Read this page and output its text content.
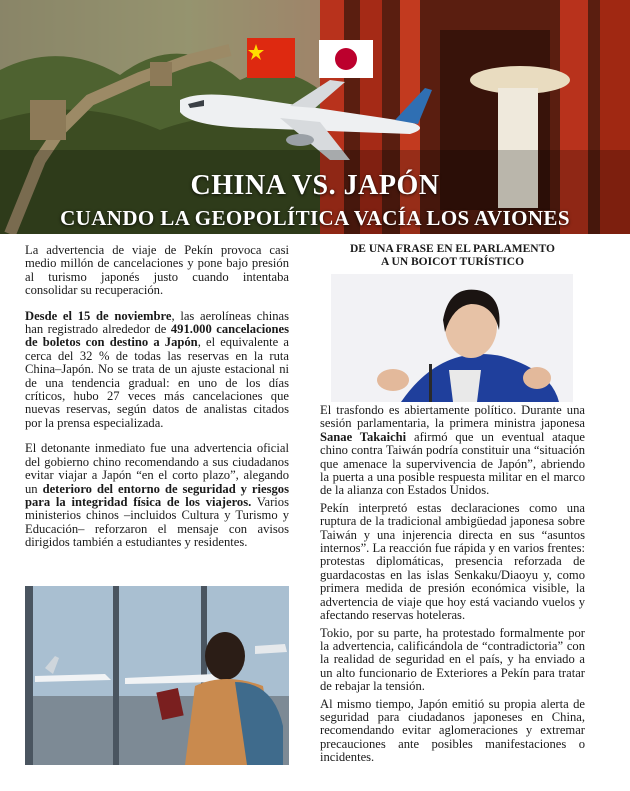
CHINA VS. JAPÓN
CUANDO LA GEOPOLÍTICA VACÍA LOS AVIONES

La advertencia de viaje de Pekín provoca casi medio millón de cancelaciones y pone bajo presión al turismo japonés justo cuando intentaba consolidar su recuperación.

Desde el 15 de noviembre, las aerolíneas chinas han registrado alrededor de 491.000 cancelaciones de boletos con destino a Japón, el equivalente a cerca del 32 % de todas las reservas en la ruta China–Japón. No se trata de un ajuste estacional ni de una tendencia gradual: en uno de los días críticos, hubo 27 veces más cancelaciones que nuevas reservas, según datos de analistas citados por la prensa especializada.

El detonante inmediato fue una advertencia oficial del gobierno chino recomendando a sus ciudadanos evitar viajar a Japón “en el corto plazo”, alegando un deterioro del entorno de seguridad y riesgos para la integridad física de los viajeros. Varios ministerios chinos –incluidos Cultura y Turismo y Educación– reforzaron el mensaje con avisos dirigidos también a estudiantes y residentes.

DE UNA FRASE EN EL PARLAMENTO
A UN BOICOT TURÍSTICO

El trasfondo es abiertamente político. Durante una sesión parlamentaria, la primera ministra japonesa Sanae Takaichi afirmó que un eventual ataque chino contra Taiwán podría constituir una “situación que amenace la supervivencia de Japón”, abriendo la puerta a una posible respuesta militar en el marco de la alianza con Estados Unidos.

Pekín interpretó estas declaraciones como una ruptura de la tradicional ambigüedad japonesa sobre Taiwán y una injerencia directa en sus “asuntos internos”. La reacción fue rápida y en varios frentes: protestas diplomáticas, presencia reforzada de guardacostas en las islas Senkaku/Diaoyu y, como primera medida de presión económica visible, la advertencia de viaje que hoy está vaciando vuelos y afectando reservas hoteleras.

Tokio, por su parte, ha protestado formalmente por la advertencia, calificándola de “contradictoria” con la realidad de seguridad en el país, y ha enviado a un alto funcionario de Exteriores a Pekín para tratar de rebajar la tensión.

Al mismo tiempo, Japón emitió su propia alerta de seguridad para ciudadanos japoneses en China, recomendando evitar aglomeraciones y extremar precauciones ante posibles manifestaciones o incidentes.
